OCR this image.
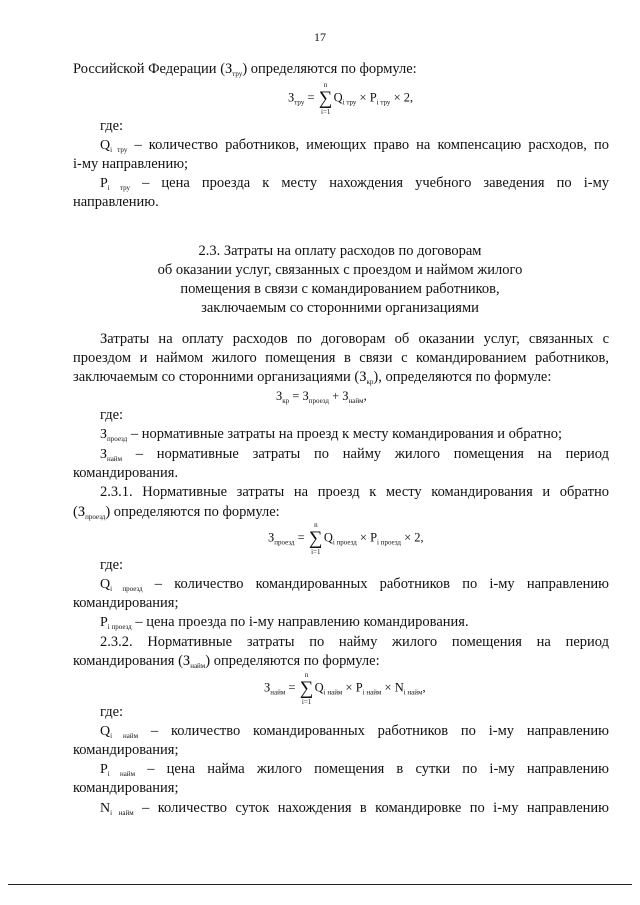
17
Российской Федерации $(З_{тру})$ определяются по формуле:
$З_{тру}$ =
n
∑
i=1
$Q_{i тру} \times P_{i тру} \times 2$,
где:
$Q_{i тру}$ – количество работников, имеющих право на компенсацию расходов, по
i-му направлению;
$P_{i тру}$ – цена проезда к месту нахождения учебного заведения по i-му
направлению.
2.3. Затраты на оплату расходов по договорам
об оказании услуг, связанных с проездом и наймом жилого
помещения в связи с командированием работников,
заключаемым со сторонними организациями
Затраты на оплату расходов по договорам об оказании услуг, связанных с
проездом и наймом жилого помещения в связи с командированием работников,
заключаемым со сторонними организациями $(З_{кр})$, определяются по формуле:
$З_{кр} = З_{проезд} + З_{найм}$,
где:
$З_{проезд}$ – нормативные затраты на проезд к месту командирования и обратно;
$З_{найм}$ – нормативные затраты по найму жилого помещения на период
командирования.
2.3.1. Нормативные затраты на проезд к месту командирования и обратно
$(З_{проезд})$ определяются по формуле:
$З_{проезд}$ =
n
∑
i=1
$Q_{i проезд} \times P_{i проезд} \times 2$,
где:
$Q_{i проезд}$ – количество командированных работников по i-му направлению
командирования;
$P_{i проезд}$ – цена проезда по i-му направлению командирования.
2.3.2. Нормативные затраты по найму жилого помещения на период
командирования $(З_{найм})$ определяются по формуле:
$З_{найм}$ =
n
∑
i=1
$Q_{i найм} \times P_{i найм} \times N_{i найм}$,
где:
$Q_{i найм}$ – количество командированных работников по i-му направлению
командирования;
$P_{i найм}$ – цена найма жилого помещения в сутки по i-му направлению
командирования;
$N_{i найм}$ – количество суток нахождения в командировке по i-му направлению
